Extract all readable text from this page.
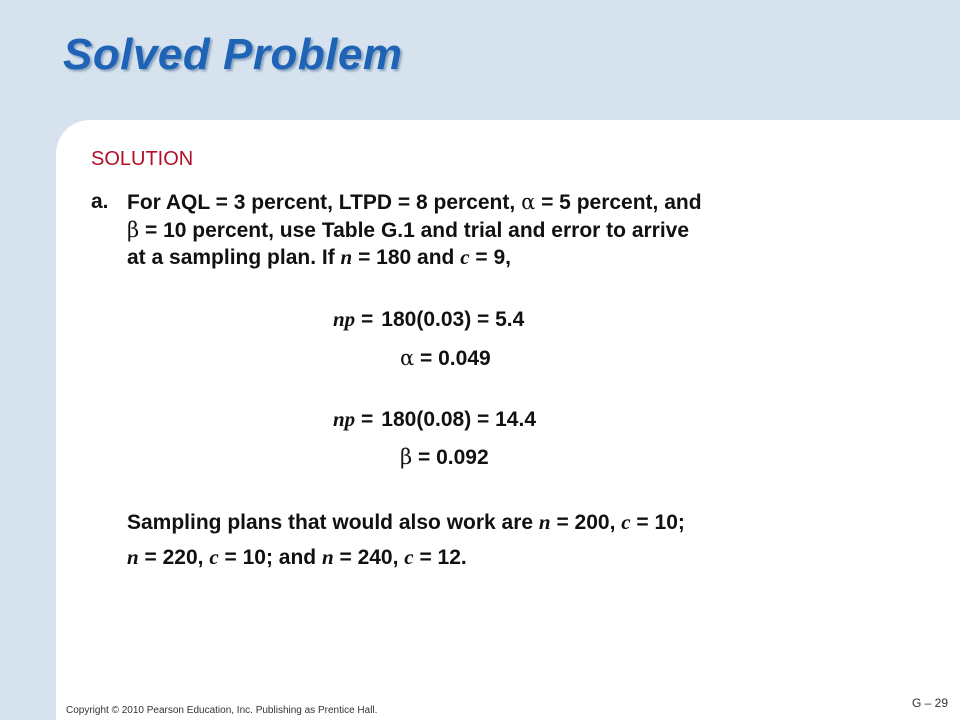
Solved Problem
SOLUTION
a. For AQL = 3 percent, LTPD = 8 percent, α = 5 percent, and
β = 10 percent, use Table G.1 and trial and error to arrive
at a sampling plan. If n = 180 and c = 9,
np = 180(0.03) = 5.4
α = 0.049
np = 180(0.08) = 14.4
β = 0.092
Sampling plans that would also work are n = 200, c = 10;
n = 220, c = 10; and n = 240, c = 12.
Copyright © 2010 Pearson Education, Inc. Publishing as Prentice Hall.
G – 29
